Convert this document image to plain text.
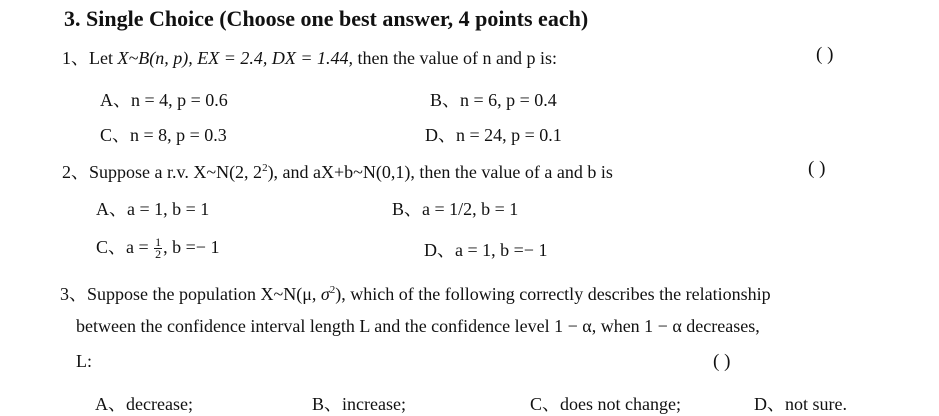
3. Single Choice (Choose one best answer, 4 points each)
1、Let X~B(n, p), EX = 2.4, DX = 1.44, then the value of n and p is:	( )
A、n = 4, p = 0.6	B、n = 6, p = 0.4
C、n = 8, p = 0.3	D、n = 24, p = 0.1
2、Suppose a r.v. X~N(2, $2^2$), and aX+b~N(0,1), then the value of a and b is	( )
A、a = 1, b = 1	B、a = 1/2, b = 1
C、$a = \frac{1}{2}$ , b =− 1	D、a = 1, b =− 1
3、Suppose the population X~N(μ, $\sigma^2$), which of the following correctly describes the relationship
between the confidence interval length L and the confidence level 1 − α, when 1 − α decreases,
L:	( )
A、decrease;	B、increase;	C、does not change;	D、not sure.
